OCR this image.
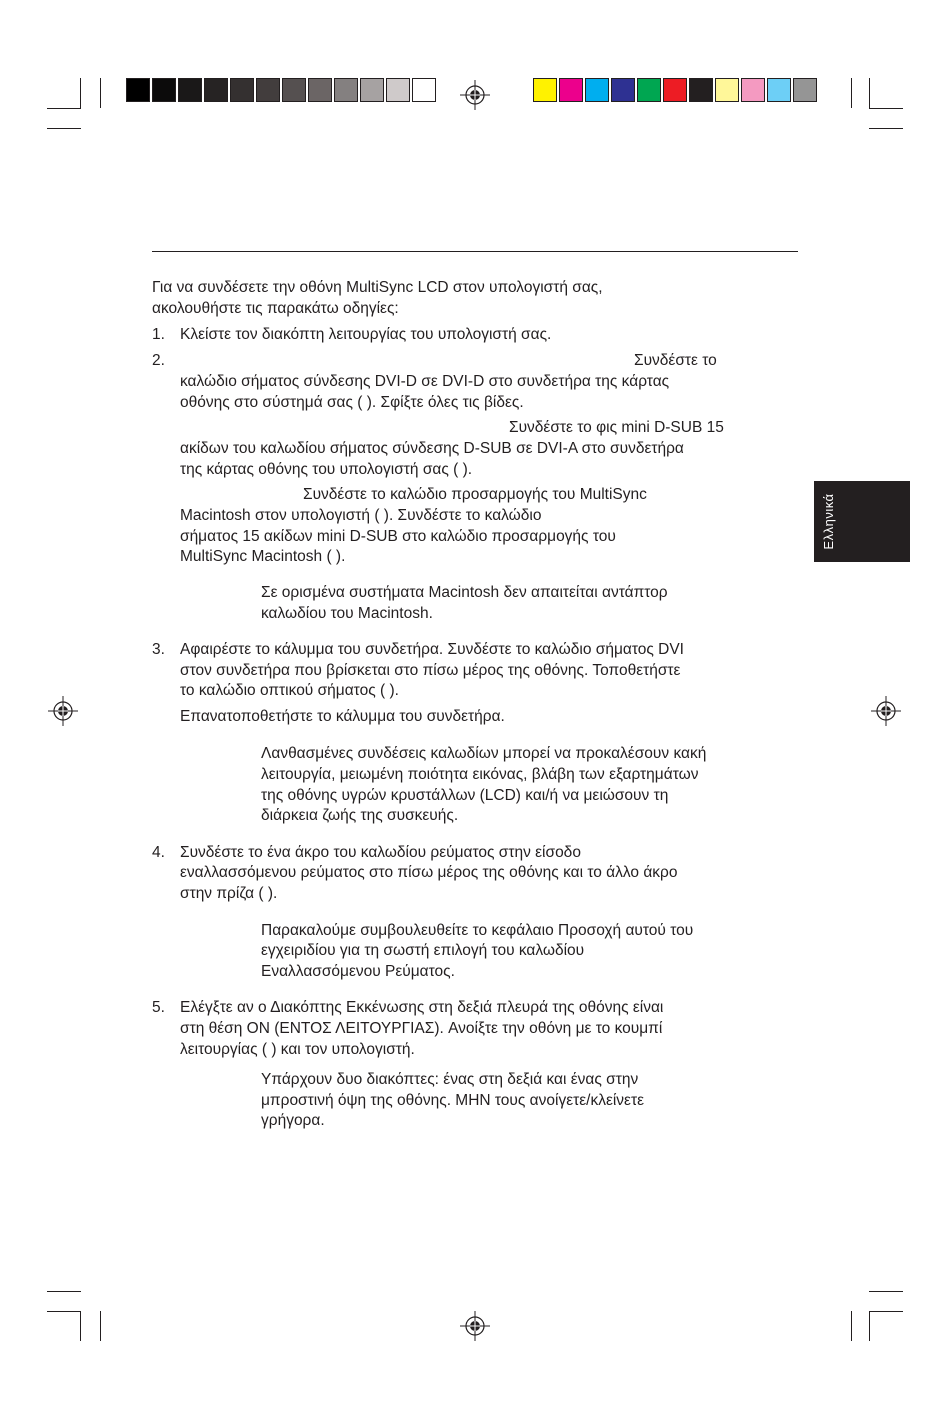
Ελληνικά
Για να συνδέσετε την οθόνη MultiSync LCD στον υπολογιστή σας,
ακολουθήστε τις παρακάτω οδηγίες:
1. Κλείστε τον διακόπτη λειτουργίας του υπολογιστή σας.
2.	Συνδέστε το
καλώδιο σήματος σύνδεσης DVI-D σε DVI-D στο συνδετήρα της κάρτας
οθόνης στο σύστημά σας ( ). Σφίξτε όλες τις βίδες.
Συνδέστε το φις mini D-SUB 15
ακίδων του καλωδίου σήματος σύνδεσης D-SUB σε DVI-A στο συνδετήρα
της κάρτας οθόνης του υπολογιστή σας ( ).
Συνδέστε το καλώδιο προσαρμογής του MultiSync
Macintosh στον υπολογιστή ( ). Συνδέστε το καλώδιο
σήματος 15 ακίδων mini D-SUB στο καλώδιο προσαρμογής του
MultiSync Macintosh ( ).
Σε ορισμένα συστήματα Macintosh δεν απαιτείται αντάπτορ
καλωδίου του Macintosh.
3. Αφαιρέστε το κάλυμμα του συνδετήρα. Συνδέστε το καλώδιο σήματος DVI
στον συνδετήρα που βρίσκεται στο πίσω μέρος της οθόνης. Τοποθετήστε
το καλώδιο οπτικού σήματος ( ).
Επανατοποθετήστε το κάλυμμα του συνδετήρα.
Λανθασμένες συνδέσεις καλωδίων μπορεί να προκαλέσουν κακή
λειτουργία, μειωμένη ποιότητα εικόνας, βλάβη των εξαρτημάτων
της οθόνης υγρών κρυστάλλων (LCD) και/ή να μειώσουν τη
διάρκεια ζωής της συσκευής.
4. Συνδέστε το ένα άκρο του καλωδίου ρεύματος στην είσοδο
εναλλασσόμενου ρεύματος στο πίσω μέρος της οθόνης και το άλλο άκρο
στην πρίζα ( ).
Παρακαλούμε συμβουλευθείτε το κεφάλαιο Προσοχή αυτού του
εγχειριδίου για τη σωστή επιλογή του καλωδίου
Εναλλασσόμενου Ρεύματος.
5. Ελέγξτε αν ο Διακόπτης Εκκένωσης στη δεξιά πλευρά της οθόνης είναι
στη θέση ON (ΕΝΤΟΣ ΛΕΙΤΟΥΡΓΙΑΣ). Ανοίξτε την οθόνη με το κουμπί
λειτουργίας ( ) και τον υπολογιστή.
Υπάρχουν δυο διακόπτες: ένας στη δεξιά και ένας στην
μπροστινή όψη της οθόνης. ΜΗΝ τους ανοίγετε/κλείνετε
γρήγορα.
